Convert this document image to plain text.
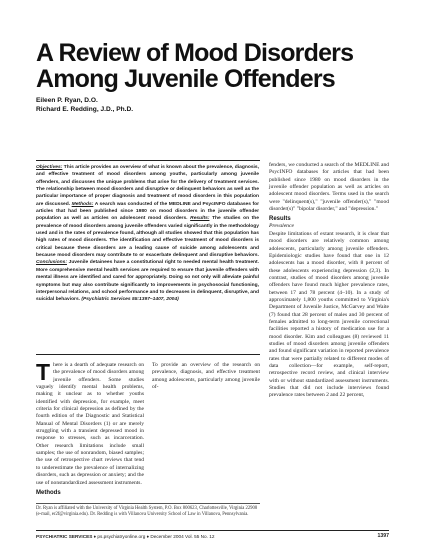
A Review of Mood Disorders
Among Juvenile Offenders
Eileen P. Ryan, D.O.
Richard E. Redding, J.D., Ph.D.
Objectives: This article provides an overview of what is known about the prevalence, diagnosis, and effective treatment of mood disorders among youths, particularly among juvenile offenders, and discusses the unique problems that arise for the delivery of treatment services. The relationship between mood disorders and disruptive or delinquent behaviors as well as the particular importance of proper diagnosis and treatment of mood disorders in this population are discussed. Methods: A search was conducted of the MEDLINE and PsycINFO databases for articles that had been published since 1980 on mood disorders in the juvenile offender population as well as articles on adolescent mood disorders. Results: The studies on the prevalence of mood disorders among juvenile offenders varied significantly in the methodology used and in the rates of prevalence found, although all studies showed that this population has high rates of mood disorders. The identification and effective treatment of mood disorders is critical because these disorders are a leading cause of suicide among adolescents and because mood disorders may contribute to or exacerbate delinquent and disruptive behaviors. Conclusions: Juvenile detainees have a constitutional right to needed mental health treatment. More comprehensive mental health services are required to ensure that juvenile offenders with mental illness are identified and cared for appropriately. Doing so not only will alleviate painful symptoms but may also contribute significantly to improvements in psychosocial functioning, interpersonal relations, and school performance and to decreases in delinquent, disruptive, and suicidal behaviors. (Psychiatric Services 55:1397–1407, 2004)

fenders, we conducted a search of the MEDLINE and PsycINFO databases for articles that had been published since 1980 on mood disorders in the juvenile offender population as well as articles on adolescent mood disorders. Terms used in the search were "delinquent(s)," "juvenile offender(s)," "mood disorder(s)" "bipolar disorder," and "depression."

Results
Prevalence

Despite limitations of extant research, it is clear that mood disorders are relatively common among adolescents, particularly among juvenile offenders. Epidemiologic studies have found that one in 12 adolescents has a mood disorder, with 8 percent of these adolescents experiencing depression (2,3). In contrast, studies of mood disorders among juvenile offenders have found much higher prevalence rates, between 17 and 78 percent (4–10). In a study of approximately 1,800 youths committed to Virginia's Department of Juvenile Justice, McGarvey and Waite (7) found that 28 percent of males and 30 percent of females admitted to long-term juvenile correctional facilities reported a history of medication use for a mood disorder. Kim and colleagues (8) reviewed 11 studies of mood disorders among juvenile offenders and found significant variation in reported prevalence rates that were partially related to different modes of data collection—for example, self-report, retrospective record review, and clinical interview with or without standardized assessment instruments. Studies that did not include interviews found prevalence rates between 2 and 22 percent,

T here is a dearth of adequate research on the prevalence of mood disorders among juvenile offenders. Some studies vaguely identify mental health problems, making it unclear as to whether youths identified with depression, for example, meet criteria for clinical depression as defined by the fourth edition of the Diagnostic and Statistical Manual of Mental Disorders (1) or are merely struggling with a transient depressed mood in response to stresses, such as incarceration. Other research limitations include small samples; the use of nonrandom, biased samples; the use of retrospective chart reviews that tend to underestimate the prevalence of internalizing disorders, such as depression or anxiety; and the use of nonstandardized assessment instruments.

Methods

To provide an overview of the research on prevalence, diagnosis, and effective treatment among adolescents, particularly among juvenile of-

Dr. Ryan is affiliated with the University of Virginia Health System, P.O. Box 800623, Charlottesville, Virginia 22908 (e-mail, er2f@virginia.edu). Dr. Redding is with Villanova University School of Law in Villanova, Pennsylvania.
PSYCHIATRIC SERVICES ♦ ps.psychiatryonline.org ♦ December 2004 Vol. 55 No. 12	1397
